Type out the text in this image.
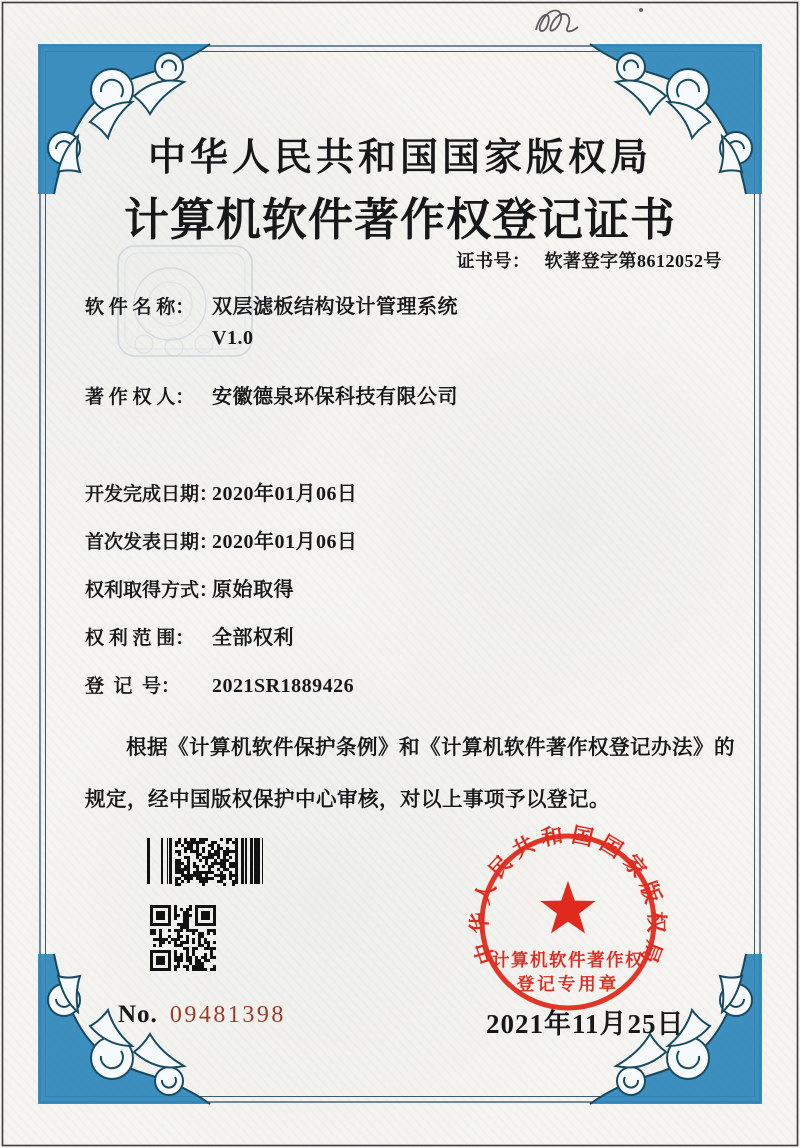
中华人民共和国国家版权局
计算机软件著作权
登记专用章
中华人民共和国国家版权局
计算机软件著作权登记证书
证书号： 软著登字第8612052号
软 件 名 称： 双层滤板结构设计管理系统
V1.0
著 作 权 人： 安徽德泉环保科技有限公司
开发完成日期：
2020年01月06日
首次发表日期：
2020年01月06日
权利取得方式：
原始取得
权 利 范 围： 全部权利
登  记  号：	2021SR1889426
根据《计算机软件保护条例》和《计算机软件著作权登记办法》的规定，经中国版权保护中心审核，对以上事项予以登记。
No. 09481398	2021年11月25日
